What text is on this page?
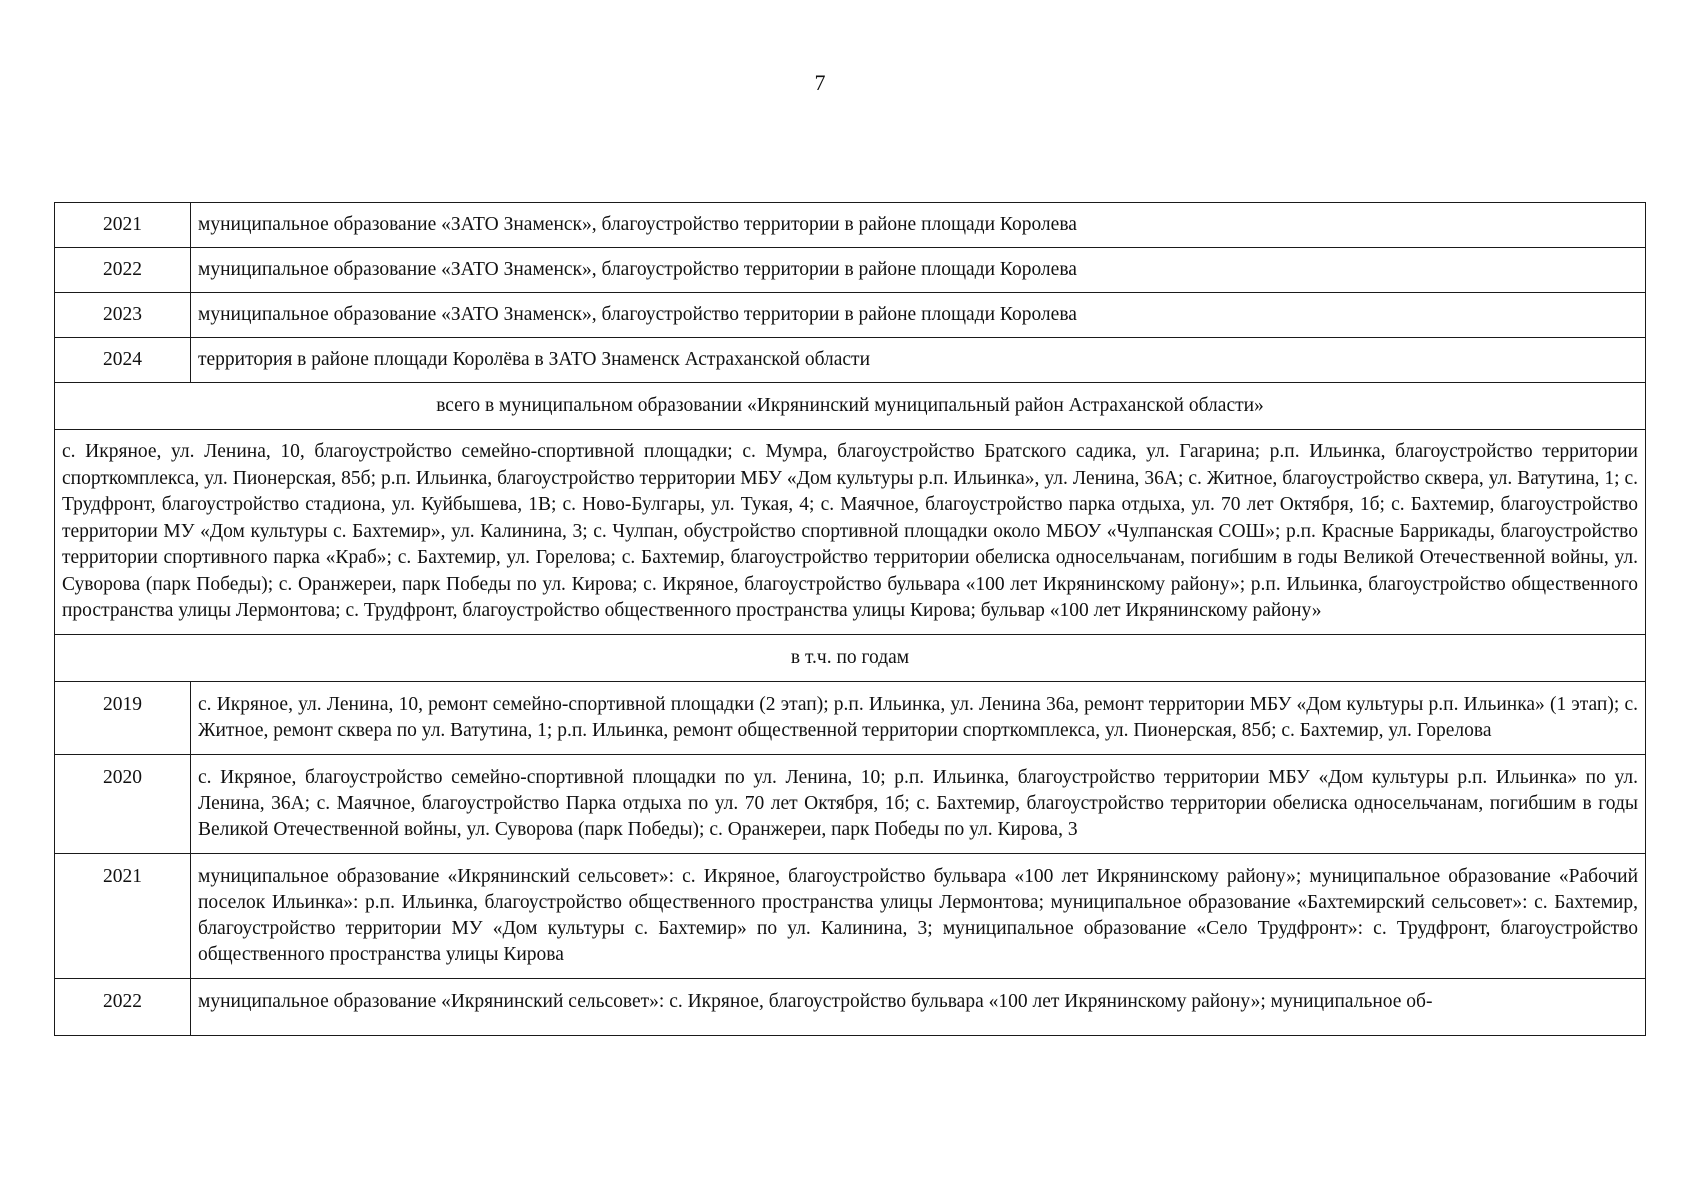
7
2021	муниципальное образование «ЗАТО Знаменск», благоустройство территории в районе площади Королева
2022	муниципальное образование «ЗАТО Знаменск», благоустройство территории в районе площади Королева
2023	муниципальное образование «ЗАТО Знаменск», благоустройство территории в районе площади Королева
2024	территория в районе площади Королёва в ЗАТО Знаменск Астраханской области
всего в муниципальном образовании «Икрянинский муниципальный район Астраханской области»	
с. Икряное, ул. Ленина, 10, благоустройство семейно-спортивной площадки; с. Мумра, благоустройство Братского садика, ул. Гагарина; р.п. Ильинка, благоустройство территории спорткомплекса, ул. Пионерская, 85б; р.п. Ильинка, благоустройство территории МБУ «Дом культуры р.п. Ильинка», ул. Ленина, 36А; с. Житное, благоустройство сквера, ул. Ватутина, 1; с. Трудфронт, благоустройство стадиона, ул. Куйбышева, 1В; с. Ново-Булгары, ул. Тукая, 4; с. Маячное, благоустройство парка отдыха, ул. 70 лет Октября, 1б; с. Бахтемир, благоустройство территории МУ «Дом культуры с. Бахтемир», ул. Калинина, 3; с. Чулпан, обустройство спортивной площадки около МБОУ «Чулпанская СОШ»; р.п. Красные Баррикады, благоустройство территории спортивного парка «Краб»; с. Бахтемир, ул. Горелова; с. Бахтемир, благоустройство территории обелиска односельчанам, погибшим в годы Великой Отечественной войны, ул. Суворова (парк Победы); с. Оранжереи, парк Победы по ул. Кирова; с. Икряное, благоустройство бульвара «100 лет Икрянинскому району»; р.п. Ильинка, благоустройство общественного пространства улицы Лермонтова; с. Трудфронт, благоустройство общественного пространства улицы Кирова; бульвар «100 лет Икрянинскому району»	
в т.ч. по годам	
2019	с. Икряное, ул. Ленина, 10, ремонт семейно-спортивной площадки (2 этап); р.п. Ильинка, ул. Ленина 36а, ремонт территории МБУ «Дом культуры р.п. Ильинка» (1 этап); с. Житное, ремонт сквера по ул. Ватутина, 1; р.п. Ильинка, ремонт общественной территории спорткомплекса, ул. Пионерская, 85б; с. Бахтемир, ул. Горелова
2020	с. Икряное, благоустройство семейно-спортивной площадки по ул. Ленина, 10; р.п. Ильинка, благоустройство территории МБУ «Дом культуры р.п. Ильинка» по ул. Ленина, 36А; с. Маячное, благоустройство Парка отдыха по ул. 70 лет Октября, 1б; с. Бахтемир, благоустройство территории обелиска односельчанам, погибшим в годы Великой Отечественной войны, ул. Суворова (парк Победы); с. Оранжереи, парк Победы по ул. Кирова, 3
2021	муниципальное образование «Икрянинский сельсовет»: с. Икряное, благоустройство бульвара «100 лет Икрянинскому району»; муниципальное образование «Рабочий поселок Ильинка»: р.п. Ильинка, благоустройство общественного пространства улицы Лермонтова; муниципальное образование «Бахтемирский сельсовет»: с. Бахтемир, благоустройство территории МУ «Дом культуры с. Бахтемир» по ул. Калинина, 3; муниципальное образование «Село Трудфронт»: с. Трудфронт, благоустройство общественного пространства улицы Кирова
2022	муниципальное образование «Икрянинский сельсовет»: с. Икряное, благоустройство бульвара «100 лет Икрянинскому району»; муниципальное об-
